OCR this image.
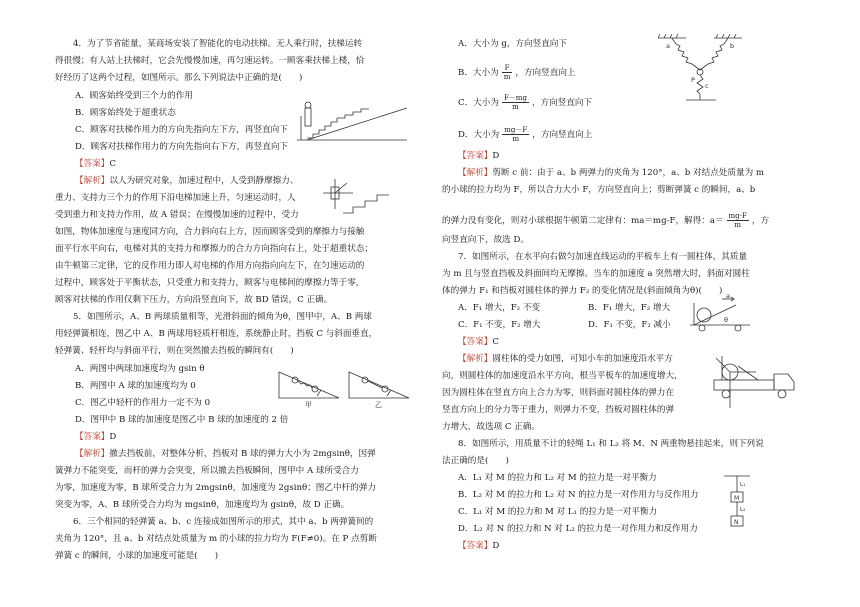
4．为了节省能量，某商场安装了智能化的电动扶梯。无人乘行时，扶梯运转
得很慢；有人站上扶梯时，它会先慢慢加速，再匀速运转。一顾客乘扶梯上楼，恰
好经历了这两个过程，如图所示。那么下列说法中正确的是(　　)
A．顾客始终受到三个力的作用
B．顾客始终处于超重状态
C．顾客对扶梯作用力的方向先指向左下方，再竖直向下
D．顾客对扶梯作用力的方向先指向右下方，再竖直向下
【答案】C
【解析】以人为研究对象，加速过程中，人受到静摩擦力、
重力、支持力三个力的作用下沿电梯加速上升，匀速运动时，人
受到重力和支持力作用，故 A 错误；在慢慢加速的过程中，受力
如图，物体加速度与速度同方向，合力斜向右上方，因而顾客受到的摩擦力与接触
面平行水平向右，电梯对其的支持力和摩擦力的合力方向指向右上，处于超重状态；
由牛顿第三定律，它的反作用力即人对电梯的作用方向指向向左下，在匀速运动的
过程中，顾客处于平衡状态，只受重力和支持力，顾客与电梯间的摩擦力等于零，
顾客对扶梯的作用仅剩下压力，方向沿竖直向下，故 BD 错误，C 正确。
5．如图所示，A、B 两球质量相等，光滑斜面的倾角为θ，图甲中，A、B 两球
用轻弹簧相连，图乙中 A、B 两球用轻质杆相连，系统静止时，挡板 C 与斜面垂直，
轻弹簧、轻杆均与斜面平行，则在突然撤去挡板的瞬间有(　　)
A．两图中两球加速度均为 gsin θ
B．两图中 A 球的加速度均为 0
C．图乙中轻杆的作用力一定不为 0
D．图甲中 B 球的加速度是图乙中 B 球的加速度的 2 倍
【答案】D
【解析】撤去挡板前，对整体分析，挡板对 B 球的弹力大小为 2mgsinθ，因弹
簧弹力不能突变，而杆的弹力会突变，所以撤去挡板瞬间，图甲中 A 球所受合力
为零，加速度为零，B 球所受合力为 2mgsinθ，加速度为 2gsinθ；图乙中杆的弹力
突变为零，A、B 球所受合力均为 mgsinθ，加速度均为 gsinθ，故 D 正确。
甲	乙
6．三个相同的轻弹簧 a、b、c 连接成如图所示的形式，其中 a、b 两弹簧间的
夹角为 120°，且 a、b 对结点处质量为 m 的小球的拉力均为 F(F≠0)。在 P 点剪断
弹簧 c 的瞬间，小球的加速度可能是(　　)
A．大小为 g，方向竖直向下
B．大小为 $\frac{F}{m}$ ，方向竖直向上
C．大小为 $\frac{F-mg}{m}$ ，方向竖直向下
D．大小为 $\frac{mg-F}{m}$ ，方向竖直向上
【答案】D
【解析】剪断 c 前：由于 a、b 两弹力的夹角为 120°，a、b 对结点处质量为 m
的小球的拉力均为 F，所以合力大小 F，方向竖直向上；剪断弹簧 c 的瞬间，a、b
的弹力没有变化，则对小球根据牛顿第二定律有：ma＝mg-F，解得：$a= \frac{mg-F}{m}$ ，方
向竖直向下，故选 D。
a	b
c
P
7．如图所示，在水平向右做匀加速直线运动的平板车上有一圆柱体，其质量
为 m 且与竖直挡板及斜面间均无摩擦。当车的加速度 a 突然增大时，斜面对圆柱
体的弹力 F₁ 和挡板对圆柱体的弹力 F₂ 的变化情况是(斜面倾角为θ)(　　)
A．F₁ 增大，F₂ 不变	B．F₁ 增大，F₂ 增大
C．F₁ 不变，F₂ 增大	D．F₁ 不变，F₂ 减小
【答案】C
【解析】圆柱体的受力如图，可知小车的加速度沿水平方
向，则圆柱体的加速度沿水平方向，根当平板车的加速度增大，
因为圆柱体在竖直方向上合力为零，则斜面对圆柱体的弹力在
竖直方向上的分力等于重力，则弹力不变，挡板对圆柱体的弹
力增大，故选项 C 正确。
a
θ
8．如图所示，用质量不计的轻绳 L₁ 和 L₂ 将 M、N 两重物悬挂起来，则下列说
法正确的是(　　)
A．L₁ 对 M 的拉力和 L₂ 对 M 的拉力是一对平衡力
B．L₂ 对 M 的拉力和 L₂ 对 N 的拉力是一对作用力与反作用力
C．L₁ 对 M 的拉力和 M 对 L₁ 的拉力是一对平衡力
D．L₂ 对 N 的拉力和 N 对 L₂ 的拉力是一对作用力和反作用力
【答案】D
L₁
M
L₂
N
